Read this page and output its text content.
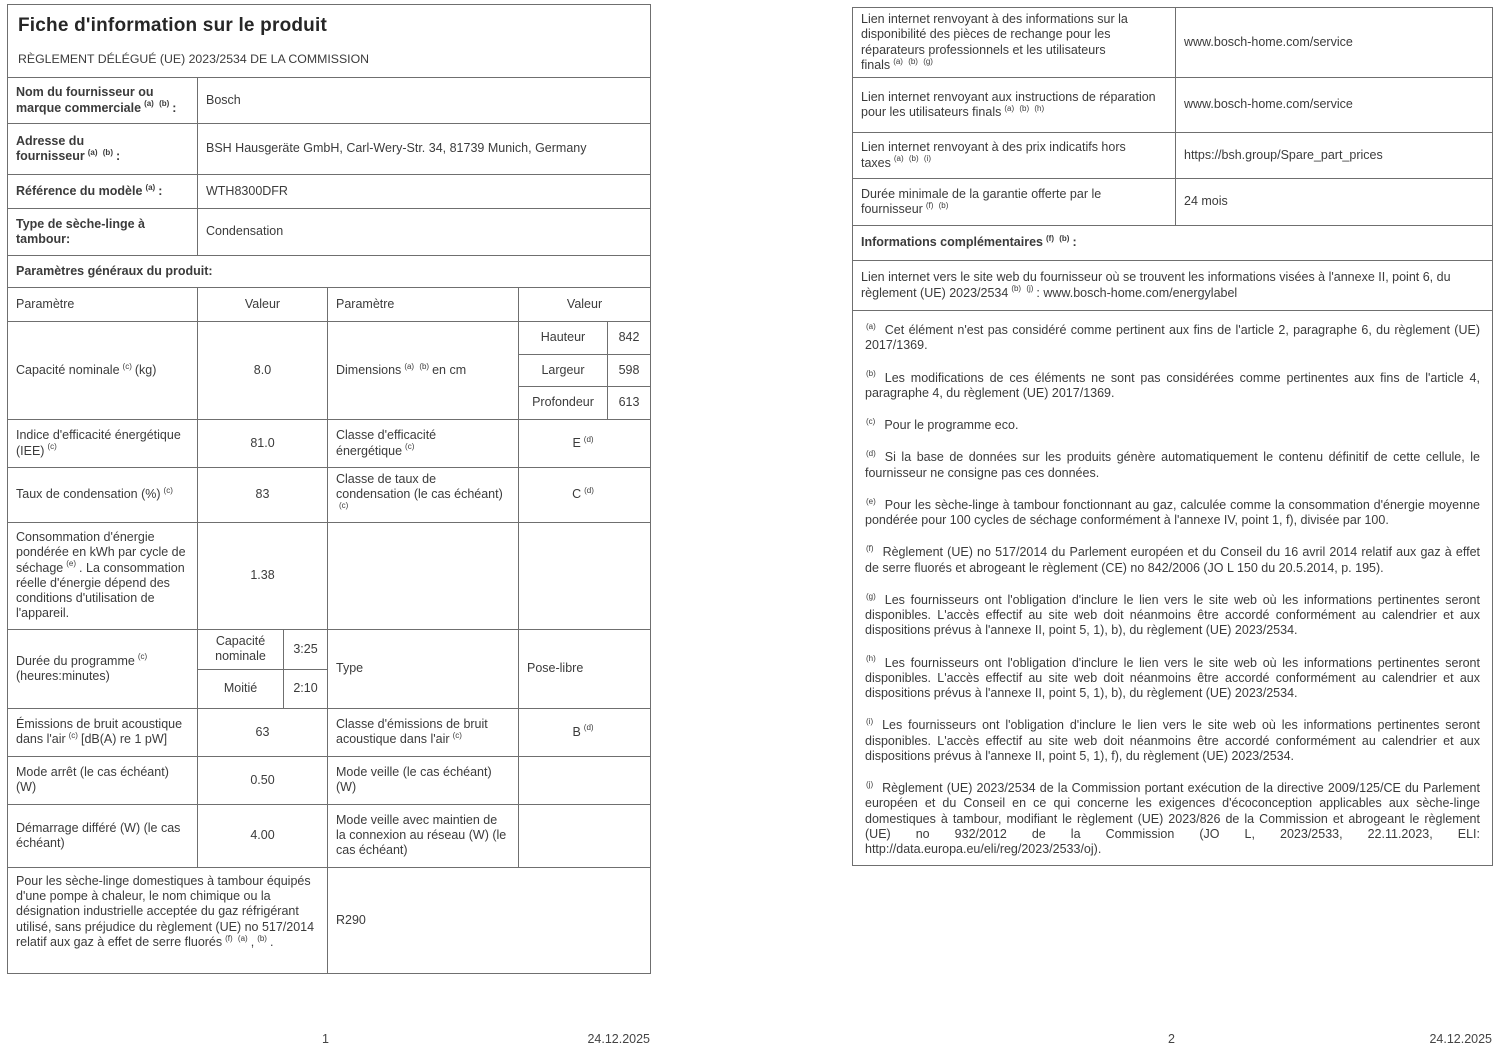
Fiche d'information sur le produit
RÈGLEMENT DÉLÉGUÉ (UE) 2023/2534 DE LA COMMISSION					

Nom du fournisseur ou marque commerciale $^{(a) (b)}$ :	Bosch				
Adresse du fournisseur $^{(a) (b)}$ :	BSH Hausgeräte GmbH, Carl-Wery-Str. 34, 81739 Munich, Germany				
Référence du modèle $^{(a)}$ :	WTH8300DFR				
Type de sèche-linge à tambour:	Condensation				
Paramètres généraux du produit:					
Paramètre	Valeur		Paramètre	Valeur	
Capacité nominale $^{(c)}$ (kg)	8.0		Dimensions $^{(a) (b)}$ en cm	Hauteur	842
				Largeur	598
				Profondeur	613
Indice d'efficacité énergétique (IEE) $^{(c)}$	81.0		Classe d'efficacité énergétique $^{(c)}$	E $^{(d)}$
Taux de condensation (%) $^{(c)}$	83		Classe de taux de condensation (le cas échéant)$^{(c)}$	C $^{(d)}$
Consommation d'énergie pondérée en kWh par cycle de séchage $^{(e)}$ . La consommation réelle d'énergie dépend des conditions d'utilisation de l'appareil.	1.38				
Durée du programme $^{(c)}$(heures:minutes)	Capacité nominale	3:25	Type	Pose-libre	
	Moitié	2:10			
Émissions de bruit acoustique dans l'air $^{(c)}$ [dB(A) re 1 pW]	63		Classe d'émissions de bruit acoustique dans l'air $^{(c)}$	B $^{(d)}$
Mode arrêt (le cas échéant) (W)	0.50		Mode veille (le cas échéant) (W)		
Démarrage différé (W) (le cas échéant)	4.00		Mode veille avec maintien de la connexion au réseau (W) (le cas échéant)		
Pour les sèche-linge domestiques à tambour équipés d'une pompe à chaleur, le nom chimique ou la désignation industrielle acceptée du gaz réfrigérant utilisé, sans préjudice du règlement (UE) no 517/2014 relatif aux gaz à effet de serre fluorés $^{(f) (a)}$ , $^{(b)}$ .			R290		
Lien internet renvoyant à des informations sur la disponibilité des pièces de rechange pour les réparateurs professionnels et les utilisateurs finals $^{(a) (b) (g)}$	www.bosch-home.com/service
Lien internet renvoyant aux instructions de réparation pour les utilisateurs finals $^{(a) (b) (h)}$	www.bosch-home.com/service
Lien internet renvoyant à des prix indicatifs hors taxes $^{(a) (b) (i)}$	https://bsh.group/Spare_part_prices
Durée minimale de la garantie offerte par le fournisseur $^{(f) (b)}$	24 mois
Informations complémentaires $^{(f) (b)}$ :	
Lien internet vers le site web du fournisseur où se trouvent les informations visées à l'annexe II, point 6, du règlement (UE) 2023/2534 $^{(b) (j)}$ : www.bosch-home.com/energylabel	

$^{(a)}$ Cet élément n'est pas considéré comme pertinent aux fins de l'article 2, paragraphe 6, du règlement (UE) 2017/1369.

$^{(b)}$ Les modifications de ces éléments ne sont pas considérées comme pertinentes aux fins de l'article 4, paragraphe 4, du règlement (UE) 2017/1369.

$^{(c)}$ Pour le programme eco.

$^{(d)}$ Si la base de données sur les produits génère automatiquement le contenu définitif de cette cellule, le fournisseur ne consigne pas ces données.

$^{(e)}$ Pour les sèche-linge à tambour fonctionnant au gaz, calculée comme la consommation d'énergie moyenne pondérée pour 100 cycles de séchage conformément à l'annexe IV, point 1, f), divisée par 100.

$^{(f)}$ Règlement (UE) no 517/2014 du Parlement européen et du Conseil du 16 avril 2014 relatif aux gaz à effet de serre fluorés et abrogeant le règlement (CE) no 842/2006 (JO L 150 du 20.5.2014, p. 195).

$^{(g)}$ Les fournisseurs ont l'obligation d'inclure le lien vers le site web où les informations pertinentes seront disponibles. L'accès effectif au site web doit néanmoins être accordé conformément au calendrier et aux dispositions prévus à l'annexe II, point 5, 1), b), du règlement (UE) 2023/2534.

$^{(h)}$ Les fournisseurs ont l'obligation d'inclure le lien vers le site web où les informations pertinentes seront disponibles. L'accès effectif au site web doit néanmoins être accordé conformément au calendrier et aux dispositions prévus à l'annexe II, point 5, 1), b), du règlement (UE) 2023/2534.

$^{(i)}$ Les fournisseurs ont l'obligation d'inclure le lien vers le site web où les informations pertinentes seront disponibles. L'accès effectif au site web doit néanmoins être accordé conformément au calendrier et aux dispositions prévus à l'annexe II, point 5, 1), f), du règlement (UE) 2023/2534.

$^{(j)}$ Règlement (UE) 2023/2534 de la Commission portant exécution de la directive 2009/125/CE du Parlement européen et du Conseil en ce qui concerne les exigences d'écoconception applicables aux sèche-linge domestiques à tambour, modifiant le règlement (UE) 2023/826 de la Commission et abrogeant le règlement (UE) no 932/2012 de la Commission (JO L, 2023/2533, 22.11.2023, ELI: http://data.europa.eu/eli/reg/2023/2533/oj).

1	24.12.2025	2	24.12.2025
